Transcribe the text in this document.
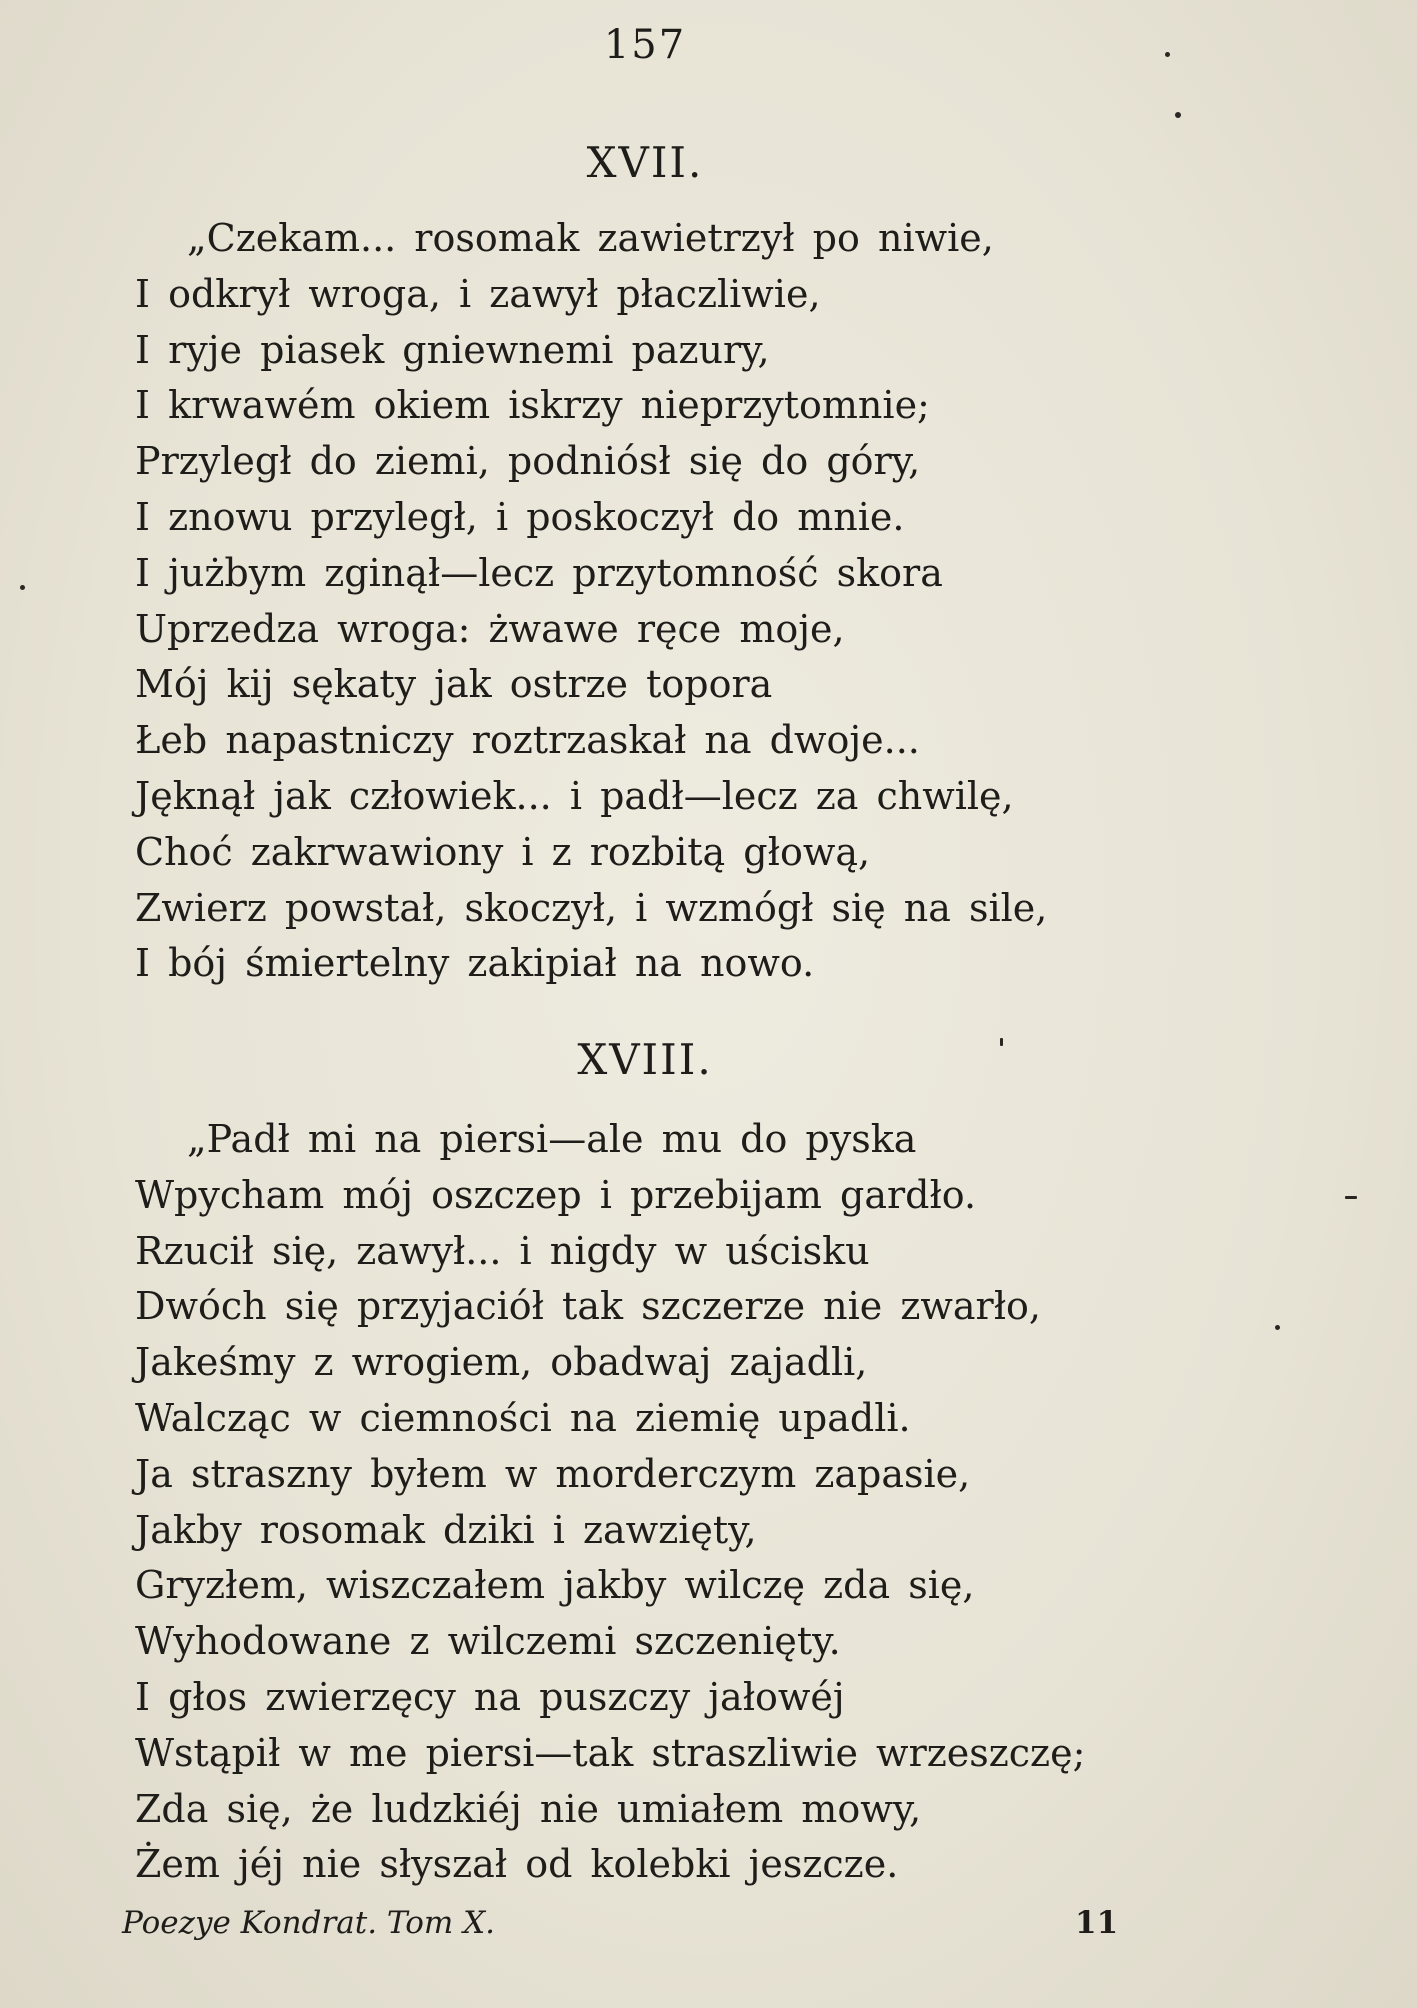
157
XVII.
„Czekam... rosomak zawietrzył po niwie,
I odkrył wroga, i zawył płaczliwie,
I ryje piasek gniewnemi pazury,
I krwawém okiem iskrzy nieprzytomnie;
Przyległ do ziemi, podniósł się do góry,
I znowu przyległ, i poskoczył do mnie.
I jużbym zginął—lecz przytomność skora
Uprzedza wroga: żwawe ręce moje,
Mój kij sękaty jak ostrze topora
Łeb napastniczy roztrzaskał na dwoje...
Jęknął jak człowiek... i padł—lecz za chwilę,
Choć zakrwawiony i z rozbitą głową,
Zwierz powstał, skoczył, i wzmógł się na sile,
I bój śmiertelny zakipiał na nowo.
XVIII.
„Padł mi na piersi—ale mu do pyska
Wpycham mój oszczep i przebijam gardło.
Rzucił się, zawył... i nigdy w uścisku
Dwóch się przyjaciół tak szczerze nie zwarło,
Jakeśmy z wrogiem, obadwaj zajadli,
Walcząc w ciemności na ziemię upadli.
Ja straszny byłem w morderczym zapasie,
Jakby rosomak dziki i zawzięty,
Gryzłem, wiszczałem jakby wilczę zda się,
Wyhodowane z wilczemi szczenięty.
I głos zwierzęcy na puszczy jałowéj
Wstąpił w me piersi—tak straszliwie wrzeszczę;
Zda się, że ludzkiéj nie umiałem mowy,
Żem jéj nie słyszał od kolebki jeszcze.
Poezye Kondrat. Tom X.	11
